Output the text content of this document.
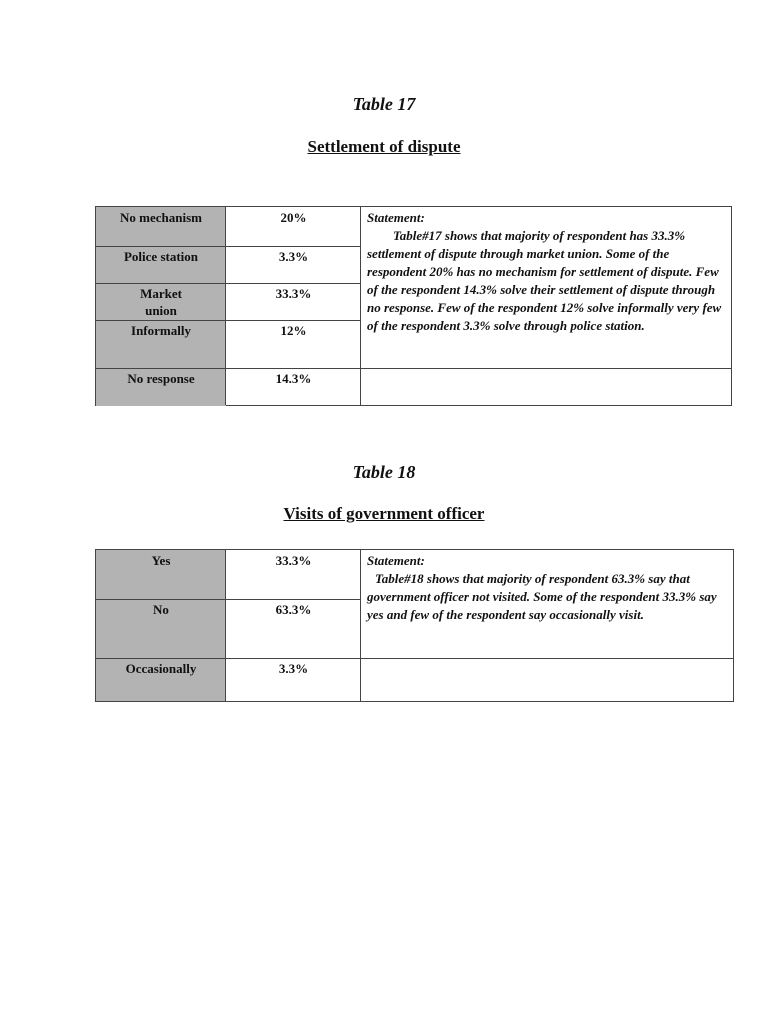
Table 17
Settlement of dispute
No mechanism
Police station
Market union
Informally
No response
20%
3.3%
33.3%
12%
14.3%
Statement:
Table#17 shows that majority of respondent has 33.3% settlement of dispute through market union. Some of the respondent 20% has no mechanism for settlement of dispute. Few of the respondent 14.3% solve their settlement of dispute through no response. Few of the respondent 12% solve informally very few of the respondent 3.3% solve through police station.
Table 18
Visits of government officer
Yes
No
Occasionally
33.3%
63.3%
3.3%
Statement:
Table#18 shows that majority of respondent 63.3% say that government officer not visited. Some of the respondent 33.3% say yes and few of the respondent say occasionally visit.
